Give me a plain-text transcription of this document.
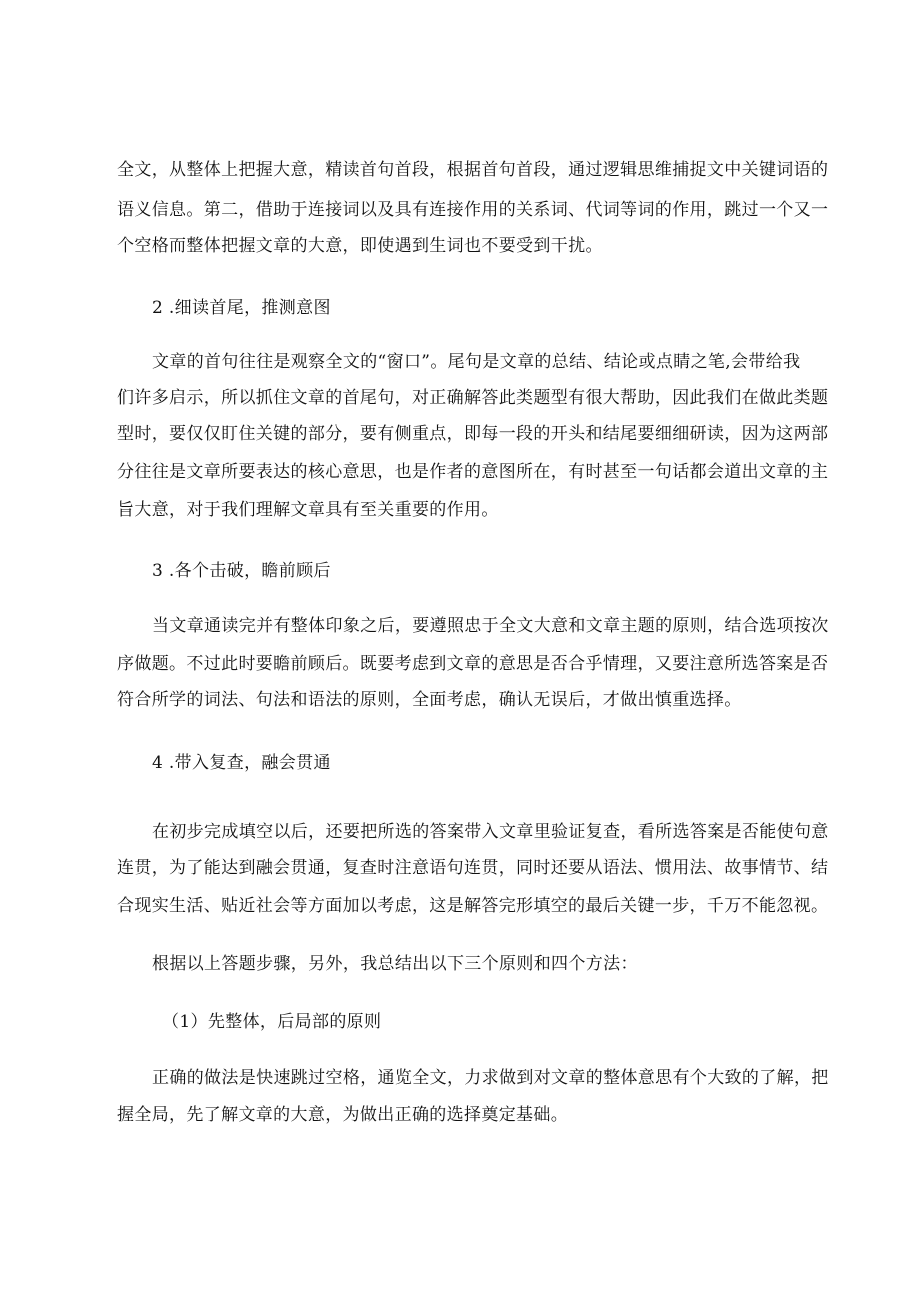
全文，从整体上把握大意，精读首句首段，根据首句首段，通过逻辑思维捕捉文中关键词语的
语义信息。第二，借助于连接词以及具有连接作用的关系词、代词等词的作用，跳过一个又一
个空格而整体把握文章的大意，即使遇到生词也不要受到干扰。
2 .细读首尾，推测意图
文章的首句往往是观察全文的“窗口”。尾句是文章的总结、结论或点睛之笔,会带给我
们许多启示，所以抓住文章的首尾句，对正确解答此类题型有很大帮助，因此我们在做此类题
型时，要仅仅盯住关键的部分，要有侧重点，即每一段的开头和结尾要细细研读，因为这两部
分往往是文章所要表达的核心意思，也是作者的意图所在，有时甚至一句话都会道出文章的主
旨大意，对于我们理解文章具有至关重要的作用。
3 .各个击破，瞻前顾后
当文章通读完并有整体印象之后，要遵照忠于全文大意和文章主题的原则，结合选项按次
序做题。不过此时要瞻前顾后。既要考虑到文章的意思是否合乎情理，又要注意所选答案是否
符合所学的词法、句法和语法的原则，全面考虑，确认无误后，才做出慎重选择。
4 .带入复查，融会贯通
在初步完成填空以后，还要把所选的答案带入文章里验证复查，看所选答案是否能使句意
连贯，为了能达到融会贯通，复查时注意语句连贯，同时还要从语法、惯用法、故事情节、结
合现实生活、贴近社会等方面加以考虑，这是解答完形填空的最后关键一步，千万不能忽视。
根据以上答题步骤，另外，我总结出以下三个原则和四个方法：
（1）先整体，后局部的原则
正确的做法是快速跳过空格，通览全文，力求做到对文章的整体意思有个大致的了解，把
握全局，先了解文章的大意，为做出正确的选择奠定基础。
